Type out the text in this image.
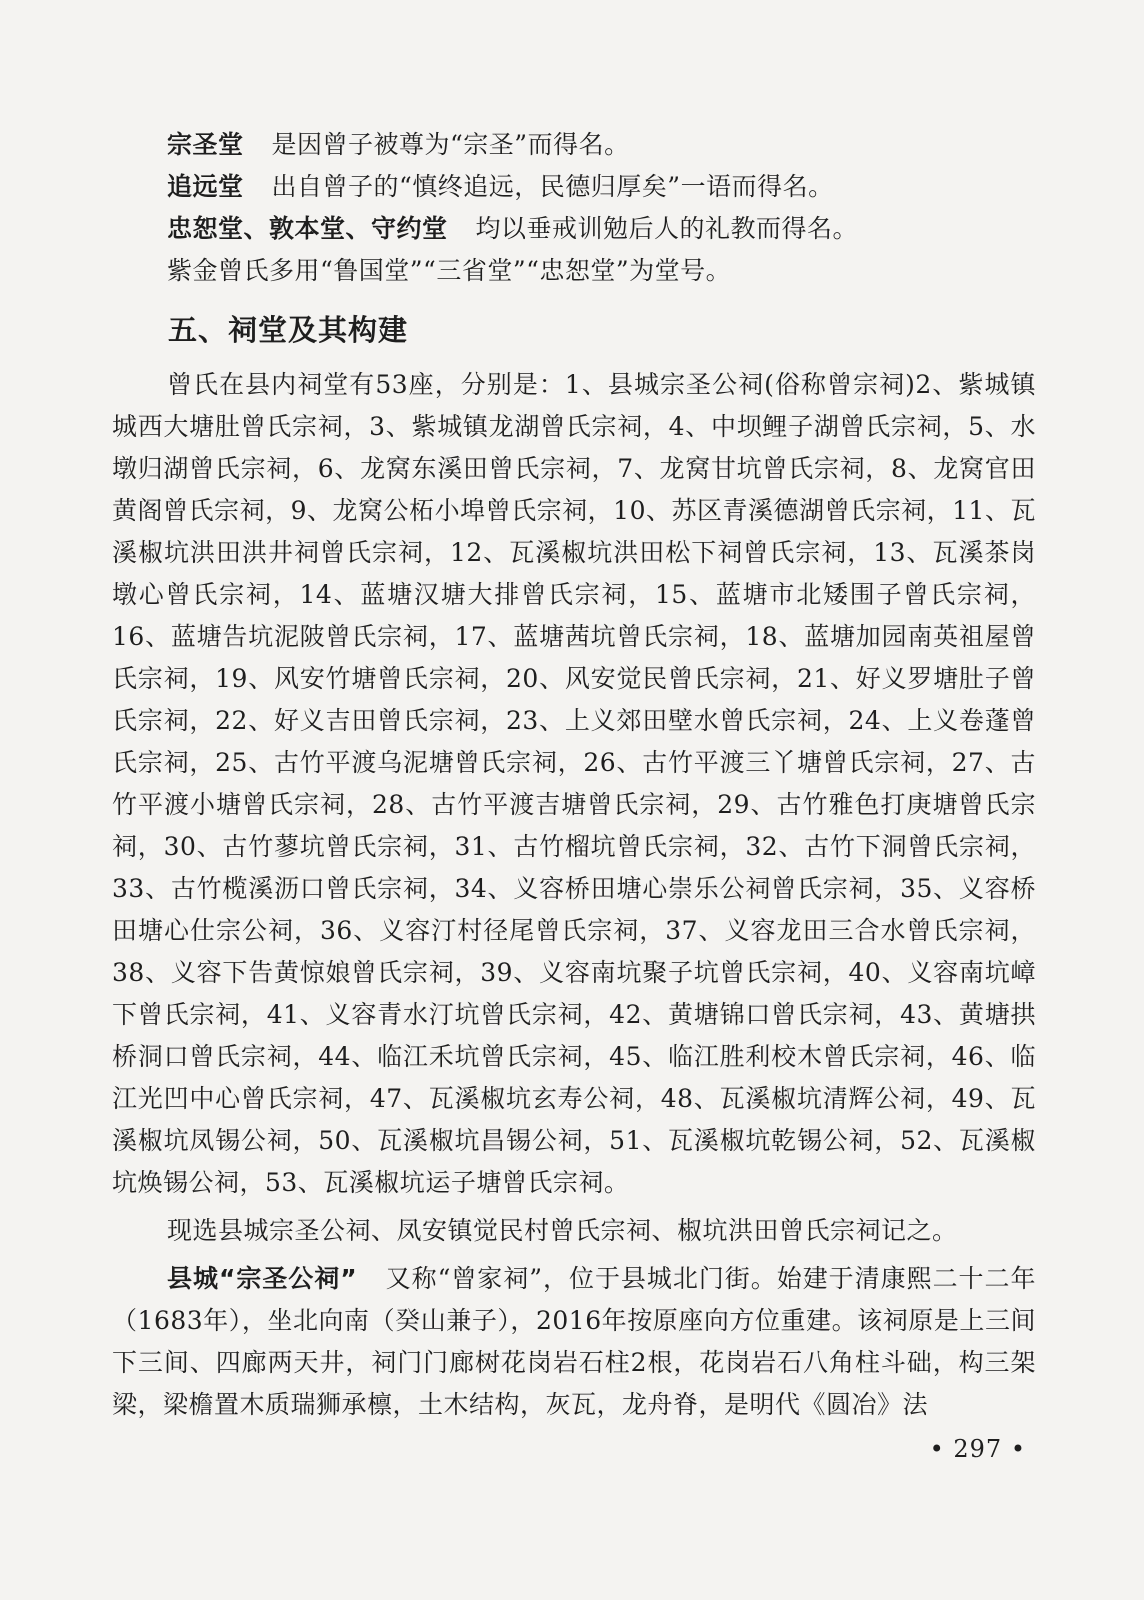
宗圣堂 是因曾子被尊为“宗圣”而得名。

追远堂 出自曾子的“慎终追远，民德归厚矣”一语而得名。

忠恕堂、敦本堂、守约堂 均以垂戒训勉后人的礼教而得名。

紫金曾氏多用“鲁国堂”“三省堂”“忠恕堂”为堂号。

五、祠堂及其构建

曾氏在县内祠堂有53座，分别是：1、县城宗圣公祠(俗称曾宗祠)2、紫城镇城西大塘肚曾氏宗祠，3、紫城镇龙湖曾氏宗祠，4、中坝鲤子湖曾氏宗祠，5、水墩归湖曾氏宗祠，6、龙窝东溪田曾氏宗祠，7、龙窝甘坑曾氏宗祠，8、龙窝官田黄阁曾氏宗祠，9、龙窝公柘小埠曾氏宗祠，10、苏区青溪德湖曾氏宗祠，11、瓦溪椒坑洪田洪井祠曾氏宗祠，12、瓦溪椒坑洪田松下祠曾氏宗祠，13、瓦溪茶岗墩心曾氏宗祠，14、蓝塘汉塘大排曾氏宗祠，15、蓝塘市北矮围子曾氏宗祠，16、蓝塘告坑泥陂曾氏宗祠，17、蓝塘茜坑曾氏宗祠，18、蓝塘加园南英祖屋曾氏宗祠，19、风安竹塘曾氏宗祠，20、风安觉民曾氏宗祠，21、好义罗塘肚子曾氏宗祠，22、好义吉田曾氏宗祠，23、上义郊田壁水曾氏宗祠，24、上义卷蓬曾氏宗祠，25、古竹平渡乌泥塘曾氏宗祠，26、古竹平渡三丫塘曾氏宗祠，27、古竹平渡小塘曾氏宗祠，28、古竹平渡吉塘曾氏宗祠，29、古竹雅色打庚塘曾氏宗祠，30、古竹蓼坑曾氏宗祠，31、古竹榴坑曾氏宗祠，32、古竹下洞曾氏宗祠，33、古竹榄溪沥口曾氏宗祠，34、义容桥田塘心崇乐公祠曾氏宗祠，35、义容桥田塘心仕宗公祠，36、义容汀村径尾曾氏宗祠，37、义容龙田三合水曾氏宗祠，38、义容下告黄惊娘曾氏宗祠，39、义容南坑聚子坑曾氏宗祠，40、义容南坑嶂下曾氏宗祠，41、义容青水汀坑曾氏宗祠，42、黄塘锦口曾氏宗祠，43、黄塘拱桥洞口曾氏宗祠，44、临江禾坑曾氏宗祠，45、临江胜利校木曾氏宗祠，46、临江光凹中心曾氏宗祠，47、瓦溪椒坑玄寿公祠，48、瓦溪椒坑清辉公祠，49、瓦溪椒坑凤锡公祠，50、瓦溪椒坑昌锡公祠，51、瓦溪椒坑乾锡公祠，52、瓦溪椒坑焕锡公祠，53、瓦溪椒坑运子塘曾氏宗祠。

现选县城宗圣公祠、凤安镇觉民村曾氏宗祠、椒坑洪田曾氏宗祠记之。

县城“宗圣公祠” 又称“曾家祠”，位于县城北门街。始建于清康熙二十二年（1683年），坐北向南（癸山兼子），2016年按原座向方位重建。该祠原是上三间下三间、四廊两天井，祠门门廊树花岗岩石柱2根，花岗岩石八角柱斗础，构三架梁，梁檐置木质瑞狮承檩，土木结构，灰瓦，龙舟脊，是明代《圆冶》法

• 297 •
